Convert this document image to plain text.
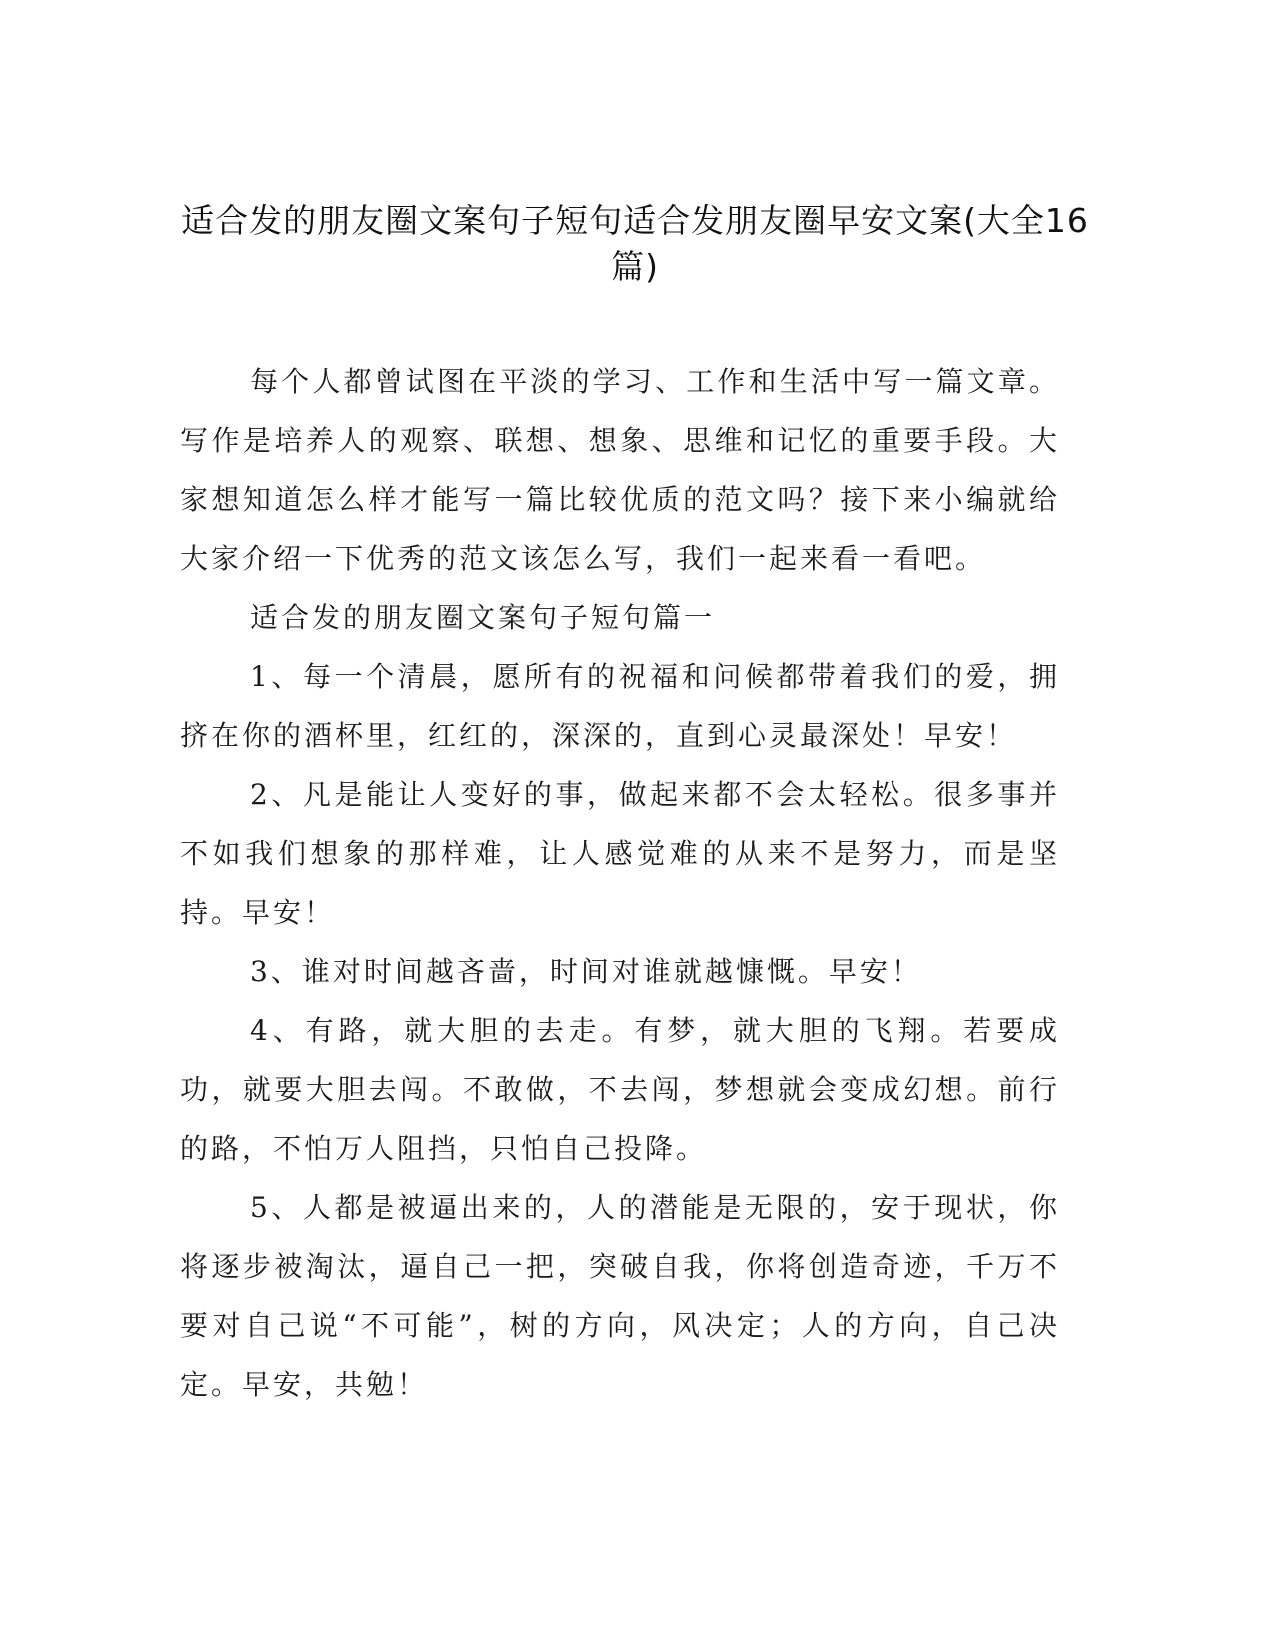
适合发的朋友圈文案句子短句适合发朋友圈早安文案(大全16篇)

每个人都曾试图在平淡的学习、工作和生活中写一篇文章。写作是培养人的观察、联想、想象、思维和记忆的重要手段。大家想知道怎么样才能写一篇比较优质的范文吗？接下来小编就给大家介绍一下优秀的范文该怎么写，我们一起来看一看吧。

适合发的朋友圈文案句子短句篇一

1、每一个清晨，愿所有的祝福和问候都带着我们的爱，拥挤在你的酒杯里，红红的，深深的，直到心灵最深处！早安！

2、凡是能让人变好的事，做起来都不会太轻松。很多事并不如我们想象的那样难，让人感觉难的从来不是努力，而是坚持。早安！

3、谁对时间越吝啬，时间对谁就越慷慨。早安！

4、有路，就大胆的去走。有梦，就大胆的飞翔。若要成功，就要大胆去闯。不敢做，不去闯，梦想就会变成幻想。前行的路，不怕万人阻挡，只怕自己投降。

5、人都是被逼出来的，人的潜能是无限的，安于现状，你将逐步被淘汰，逼自己一把，突破自我，你将创造奇迹，千万不要对自己说“不可能”，树的方向，风决定；人的方向，自己决定。早安，共勉！
